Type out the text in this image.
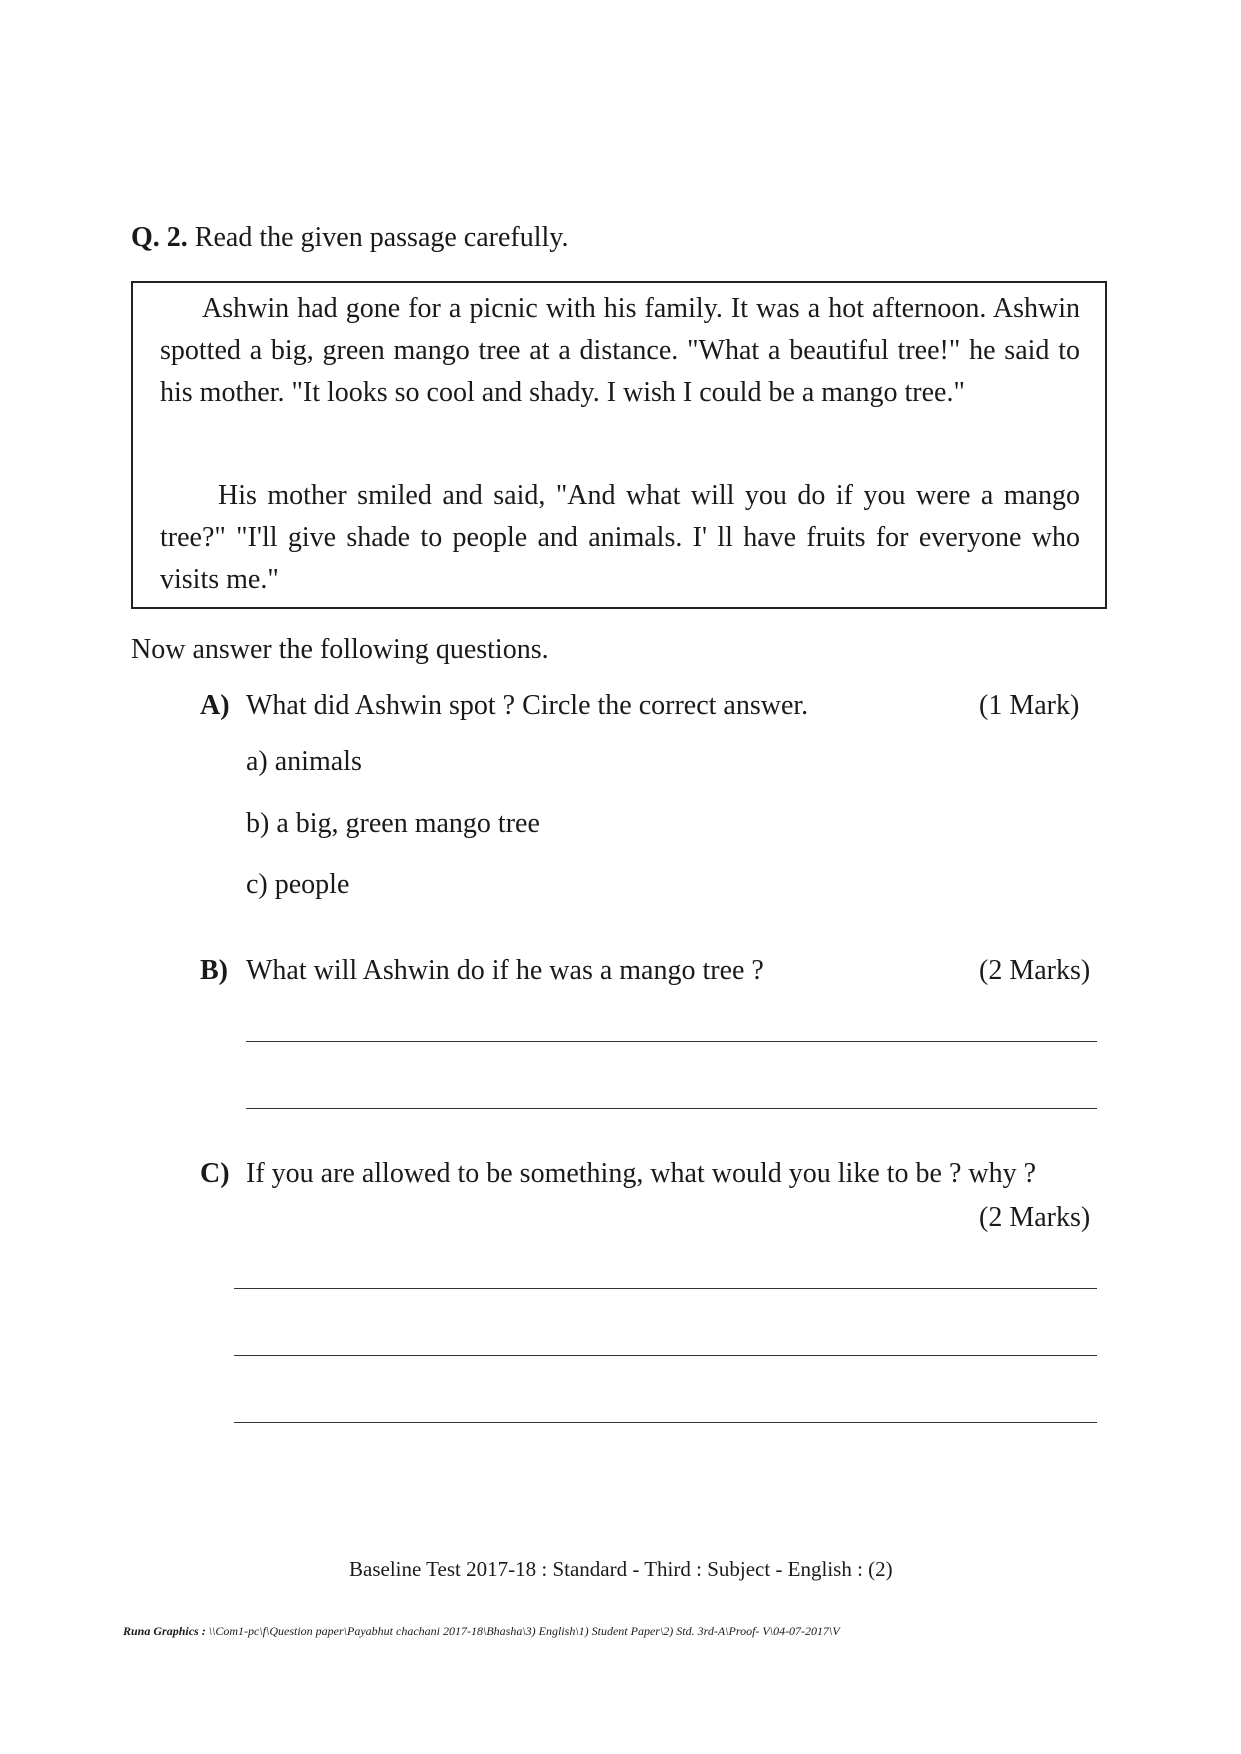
Q. 2. Read the given passage carefully.
Ashwin had gone for a picnic with his family. It was a hot afternoon. Ashwin spotted a big, green mango tree at a distance. "What a beautiful tree!" he said to his mother. "It looks so cool and shady. I wish I could be a mango tree."
His mother smiled and said, "And what will you do if you were a mango tree?" "I'll give shade to people and animals. I' ll have fruits for everyone who visits me."
Now answer the following questions.
A) What did Ashwin spot ? Circle the correct answer.	(1 Mark)
a) animals
b) a big, green mango tree
c) people
B) What will Ashwin do if he was a mango tree ?	(2 Marks)
C) If you are allowed to be something, what would you like to be ? why ?
(2 Marks)
Baseline Test 2017-18 : Standard - Third : Subject - English : (2)
Runa Graphics : \\Com1-pc\f\Question paper\Payabhut chachani 2017-18\Bhasha\3) English\1) Student Paper\2) Std. 3rd-A\Proof- V\04-07-2017\V
